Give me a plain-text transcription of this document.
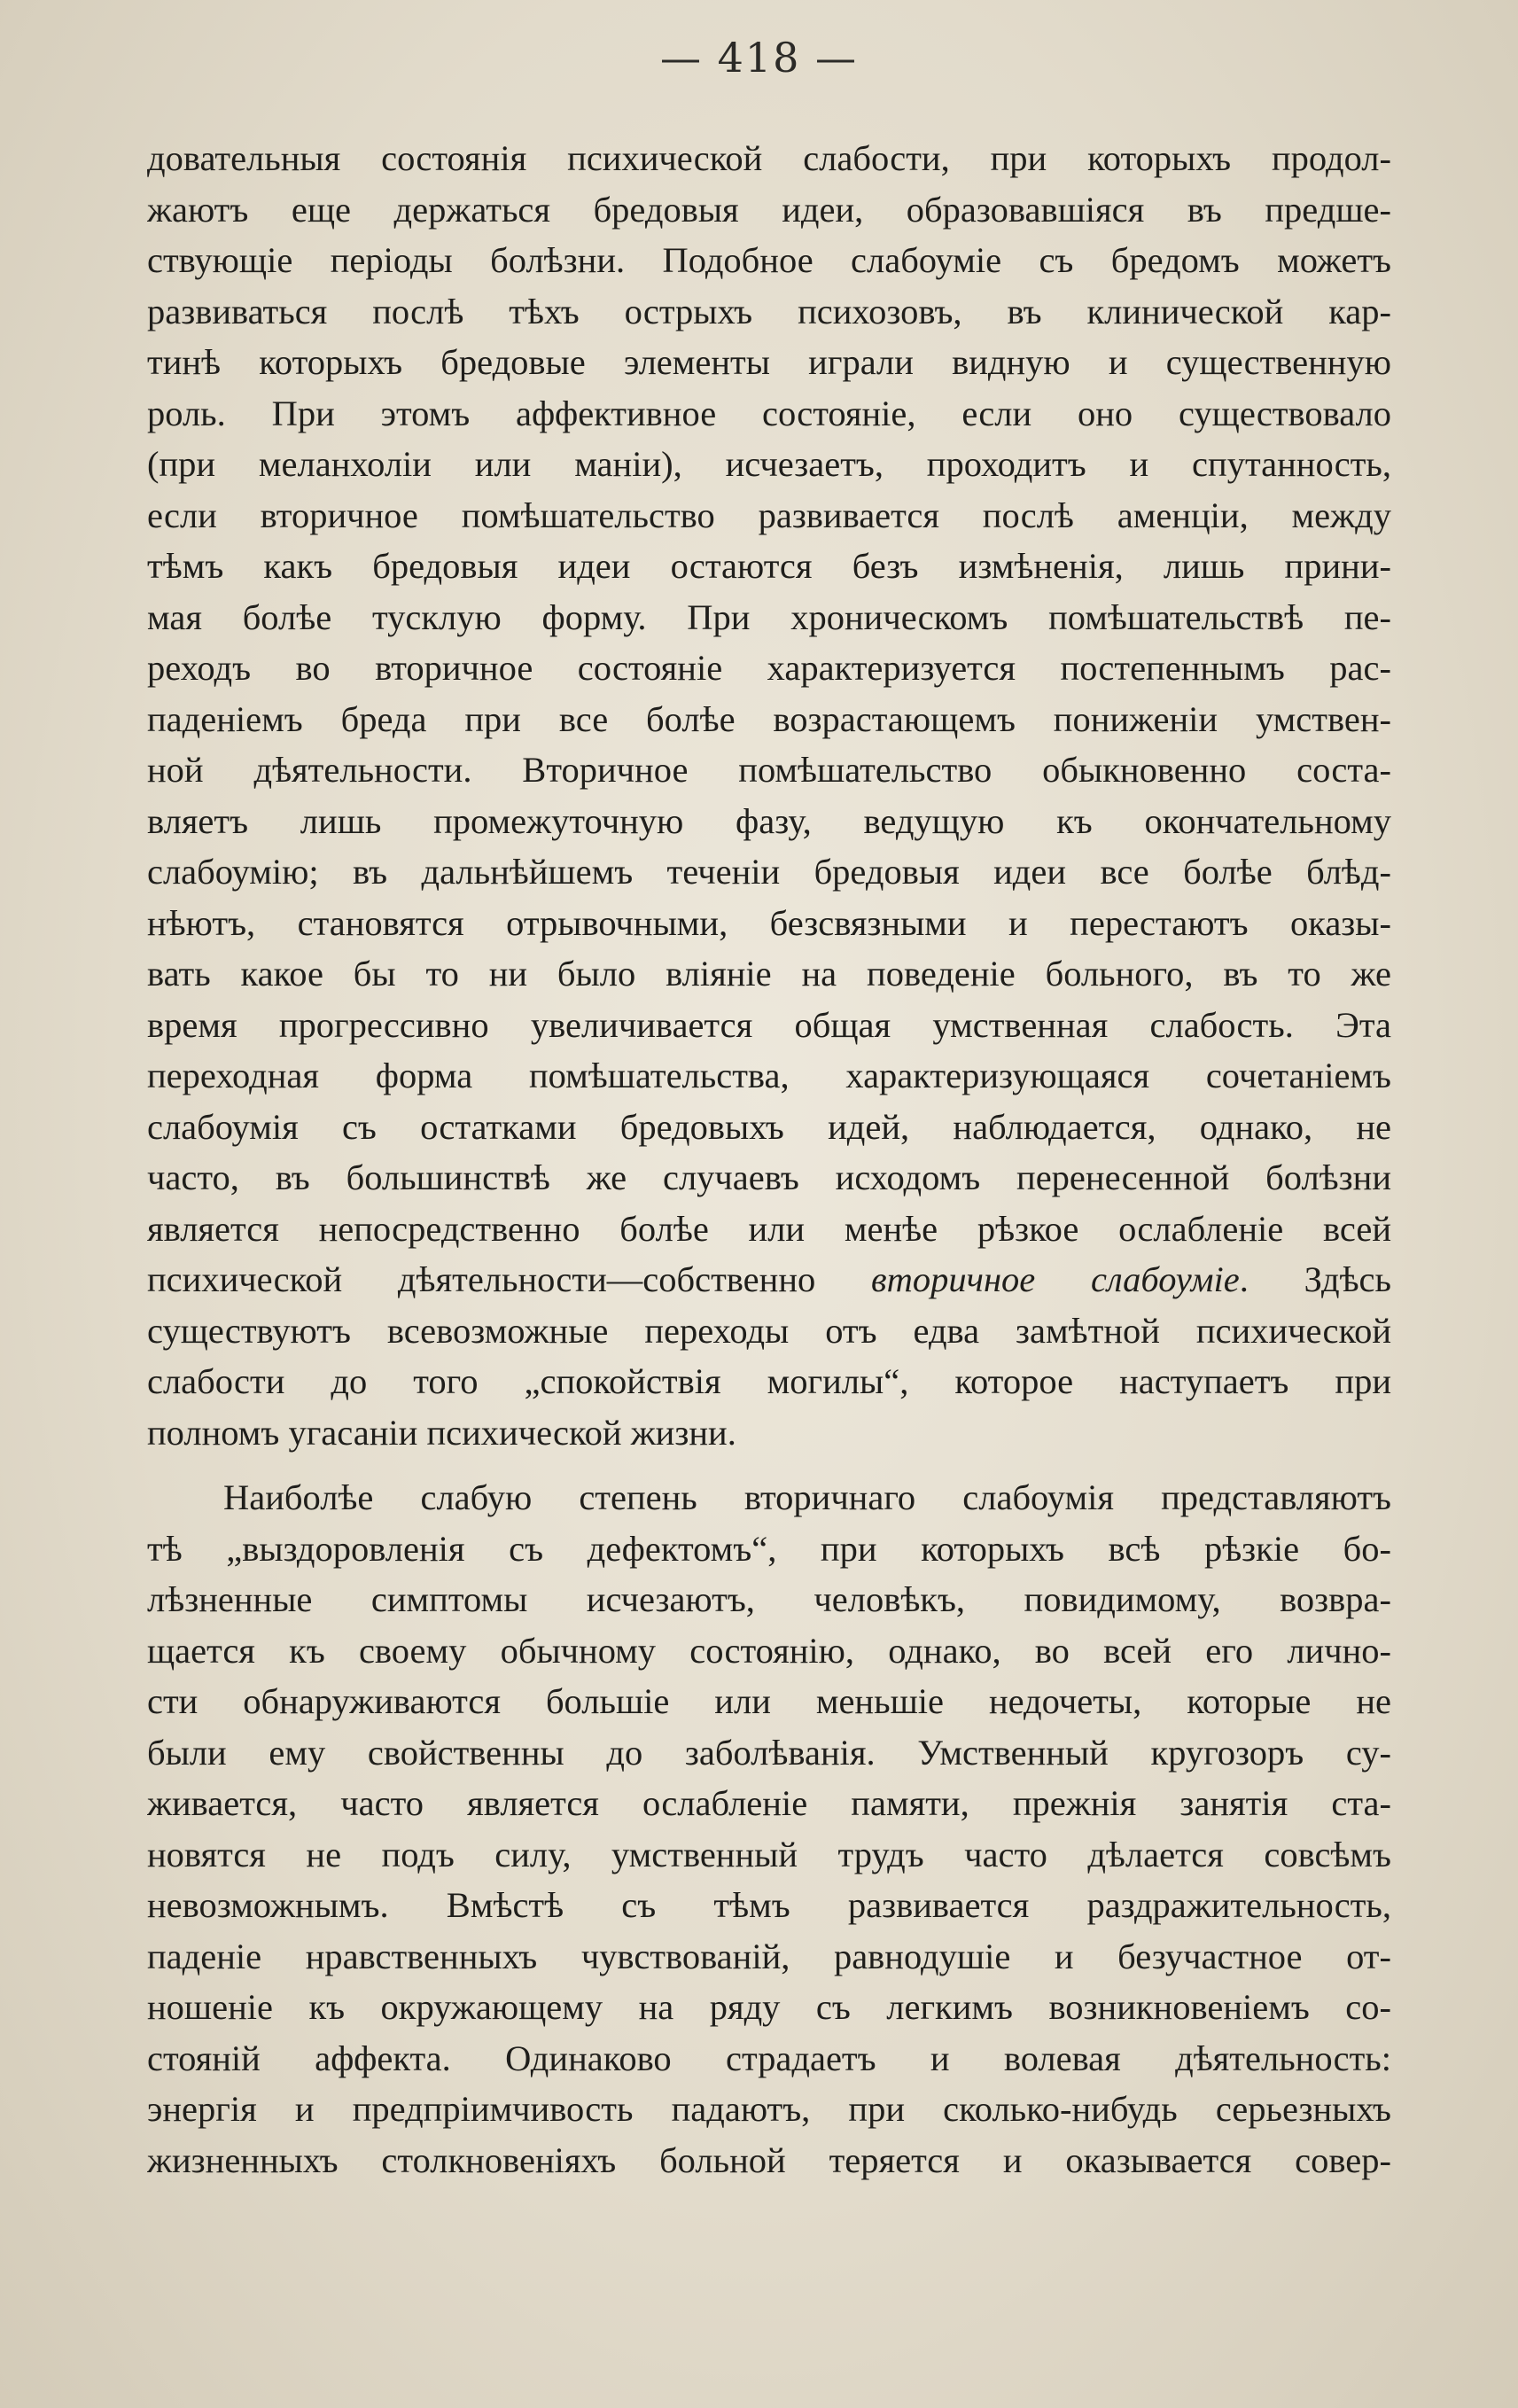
— 418 —
довательныя состоянія психической слабости, при которыхъ продол-
жаютъ еще держаться бредовыя идеи, образовавшіяся въ предше-
ствующіе періоды болѣзни. Подобное слабоуміе съ бредомъ можетъ
развиваться послѣ тѣхъ острыхъ психозовъ, въ клинической кар-
тинѣ которыхъ бредовые элементы играли видную и существенную
роль. При этомъ аффективное состояніе, если оно существовало
(при меланхоліи или маніи), исчезаетъ, проходитъ и спутанность,
если вторичное помѣшательство развивается послѣ аменціи, между
тѣмъ какъ бредовыя идеи остаются безъ измѣненія, лишь прини-
мая болѣе тусклую форму. При хроническомъ помѣшательствѣ пе-
реходъ во вторичное состояніе характеризуется постепеннымъ рас-
паденіемъ бреда при все болѣе возрастающемъ пониженіи умствен-
ной дѣятельности. Вторичное помѣшательство обыкновенно соста-
вляетъ лишь промежуточную фазу, ведущую къ окончательному
слабоумію; въ дальнѣйшемъ теченіи бредовыя идеи все болѣе блѣд-
нѣютъ, становятся отрывочными, безсвязными и перестаютъ оказы-
вать какое бы то ни было вліяніе на поведеніе больного, въ то же
время прогрессивно увеличивается общая умственная слабость. Эта
переходная форма помѣшательства, характеризующаяся сочетаніемъ
слабоумія съ остатками бредовыхъ идей, наблюдается, однако, не
часто, въ большинствѣ же случаевъ исходомъ перенесенной болѣзни
является непосредственно болѣе или менѣе рѣзкое ослабленіе всей
психической дѣятельности—собственно вторичное слабоуміе. Здѣсь
существуютъ всевозможные переходы отъ едва замѣтной психической
слабости до того „спокойствія могилы“, которое наступаетъ при
полномъ угасаніи психической жизни.
Наиболѣе слабую степень вторичнаго слабоумія представляютъ
тѣ „выздоровленія съ дефектомъ“, при которыхъ всѣ рѣзкіе бо-
лѣзненные симптомы исчезаютъ, человѣкъ, повидимому, возвра-
щается къ своему обычному состоянію, однако, во всей его лично-
сти обнаруживаются большіе или меньшіе недочеты, которые не
были ему свойственны до заболѣванія. Умственный кругозоръ су-
живается, часто является ослабленіе памяти, прежнія занятія ста-
новятся не подъ силу, умственный трудъ часто дѣлается совсѣмъ
невозможнымъ. Вмѣстѣ съ тѣмъ развивается раздражительность,
паденіе нравственныхъ чувствованій, равнодушіе и безучастное от-
ношеніе къ окружающему на ряду съ легкимъ возникновеніемъ со-
стояній аффекта. Одинаково страдаетъ и волевая дѣятельность:
энергія и предпріимчивость падаютъ, при сколько-нибудь серьезныхъ
жизненныхъ столкновеніяхъ больной теряется и оказывается совер-
